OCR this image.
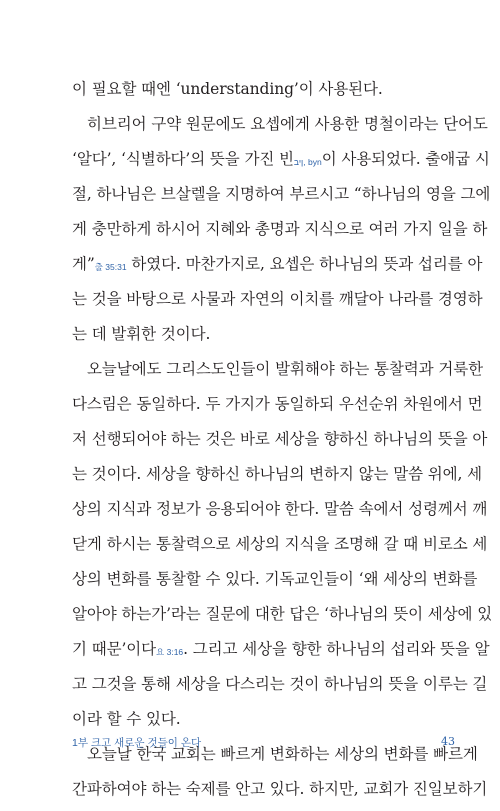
이 필요할 때엔 ‘understanding’이 사용된다.
히브리어 구약 원문에도 요셉에게 사용한 명철이라는 단어도
‘알다’, ‘식별하다’의 뜻을 가진 빈ןיב, byn이 사용되었다. 출애굽 시
절, 하나님은 브살렐을 지명하여 부르시고 “하나님의 영을 그에
게 충만하게 하시어 지혜와 총명과 지식으로 여러 가지 일을 하
게”출 35:31 하였다. 마찬가지로, 요셉은 하나님의 뜻과 섭리를 아
는 것을 바탕으로 사물과 자연의 이치를 깨달아 나라를 경영하
는 데 발휘한 것이다.
오늘날에도 그리스도인들이 발휘해야 하는 통찰력과 거룩한
다스림은 동일하다. 두 가지가 동일하되 우선순위 차원에서 먼
저 선행되어야 하는 것은 바로 세상을 향하신 하나님의 뜻을 아
는 것이다. 세상을 향하신 하나님의 변하지 않는 말씀 위에, 세
상의 지식과 정보가 응용되어야 한다. 말씀 속에서 성령께서 깨
닫게 하시는 통찰력으로 세상의 지식을 조명해 갈 때 비로소 세
상의 변화를 통찰할 수 있다. 기독교인들이 ‘왜 세상의 변화를
알아야 하는가’라는 질문에 대한 답은 ‘하나님의 뜻이 세상에 있
기 때문’이다요 3:16. 그리고 세상을 향한 하나님의 섭리와 뜻을 알
고 그것을 통해 세상을 다스리는 것이 하나님의 뜻을 이루는 길
이라 할 수 있다.
오늘날 한국 교회는 빠르게 변화하는 세상의 변화를 빠르게
간파하여야 하는 숙제를 안고 있다. 하지만, 교회가 진일보하기
1부 크고 새로운 것들이 온다	43
